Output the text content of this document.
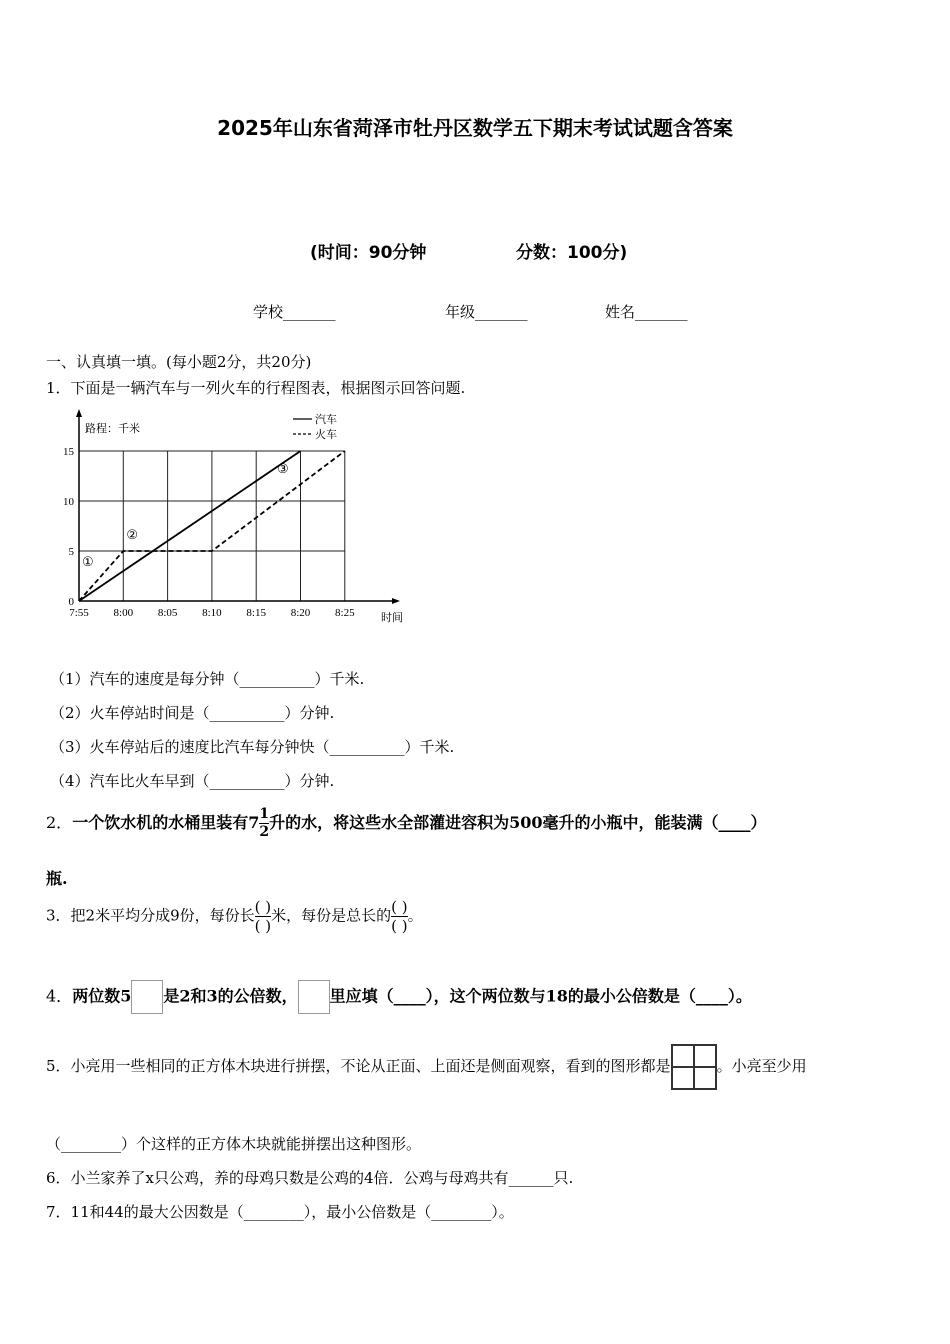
2025年山东省菏泽市牡丹区数学五下期末考试试题含答案
(时间：90分钟	分数：100分)
学校_______	年级_______	姓名_______
一、认真填一填。(每小题2分，共20分)
1．下面是一辆汽车与一列火车的行程图表，根据图示回答问题.
7:55 8:00 8:05 8:10 8:15 8:20 8:25
0
5
10
15
时间
路程：千米
汽车
火车
①
②
③
（1）汽车的速度是每分钟（__________）千米.
（2）火车停站时间是（__________）分钟.
（3）火车停站后的速度比汽车每分钟快（__________）千米.
（4）汽车比火车早到（__________）分钟.
2．一个饮水机的水桶里装有$7 \frac{1}{2}$ 升的水，将这些水全部灌进容积为500毫升的小瓶中，能装满（____）
瓶.
3．把2米平均分成9份，每份长 $\frac{( )}{( )}$ 米，每份是总长的 $\frac{( )}{( )}$ 。
4．两位数5 是2和3的公倍数， 里应填（____），这个两位数与18的最小公倍数是（____）。
5．小亮用一些相同的正方体木块进行拼摆，不论从正面、上面还是侧面观察，看到的图形都是	。小亮至少用
（________）个这样的正方体木块就能拼摆出这种图形。
6．小兰家养了x只公鸡，养的母鸡只数是公鸡的4倍．公鸡与母鸡共有______只.
7．11和44的最大公因数是（________），最小公倍数是（________）。
